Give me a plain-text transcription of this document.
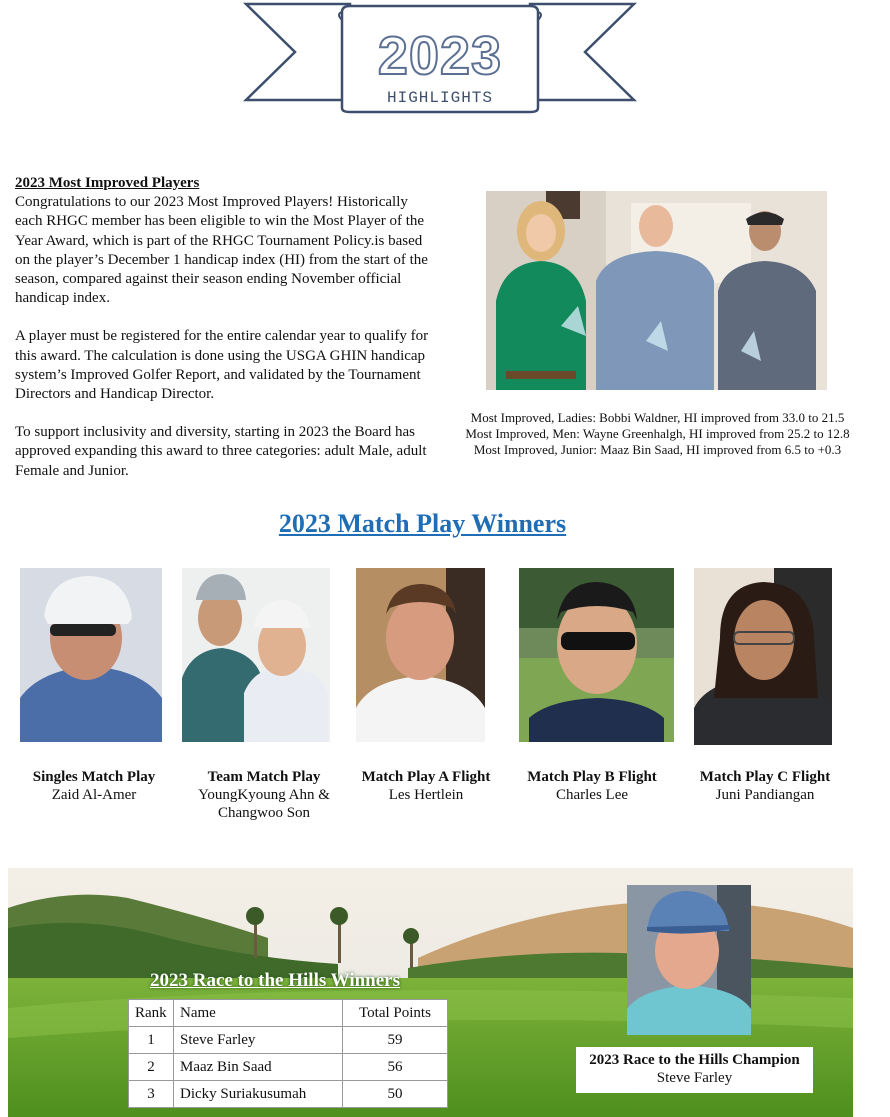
2023
HIGHLIGHTS
2023 Most Improved Players

Congratulations to our 2023 Most Improved Players! Historically each RHGC member has been eligible to win the Most Player of the Year Award, which is part of the RHGC Tournament Policy.is based on the player’s December 1 handicap index (HI) from the start of the season, compared against their season ending November official handicap index.

A player must be registered for the entire calendar year to qualify for this award. The calculation is done using the USGA GHIN handicap system’s Improved Golfer Report, and validated by the Tournament Directors and Handicap Director.

To support inclusivity and diversity, starting in 2023 the Board has approved expanding this award to three categories: adult Male, adult Female and Junior.

Most Improved, Ladies: Bobbi Waldner, HI improved from 33.0 to 21.5
Most Improved, Men: Wayne Greenhalgh, HI improved from 25.2 to 12.8
Most Improved, Junior: Maaz Bin Saad, HI improved from 6.5 to +0.3
2023 Match Play Winners
Singles Match Play
Zaid Al-Amer
Team Match Play
YoungKyoung Ahn & Changwoo Son
Match Play A Flight
Les Hertlein
Match Play B Flight
Charles Lee
Match Play C Flight
Juni Pandiangan
2023 Race to the Hills Winners
Rank	Name	Total Points
1	Steve Farley	59
2	Maaz Bin Saad	56
3	Dicky Suriakusumah	50
2023 Race to the Hills Champion
Steve Farley
